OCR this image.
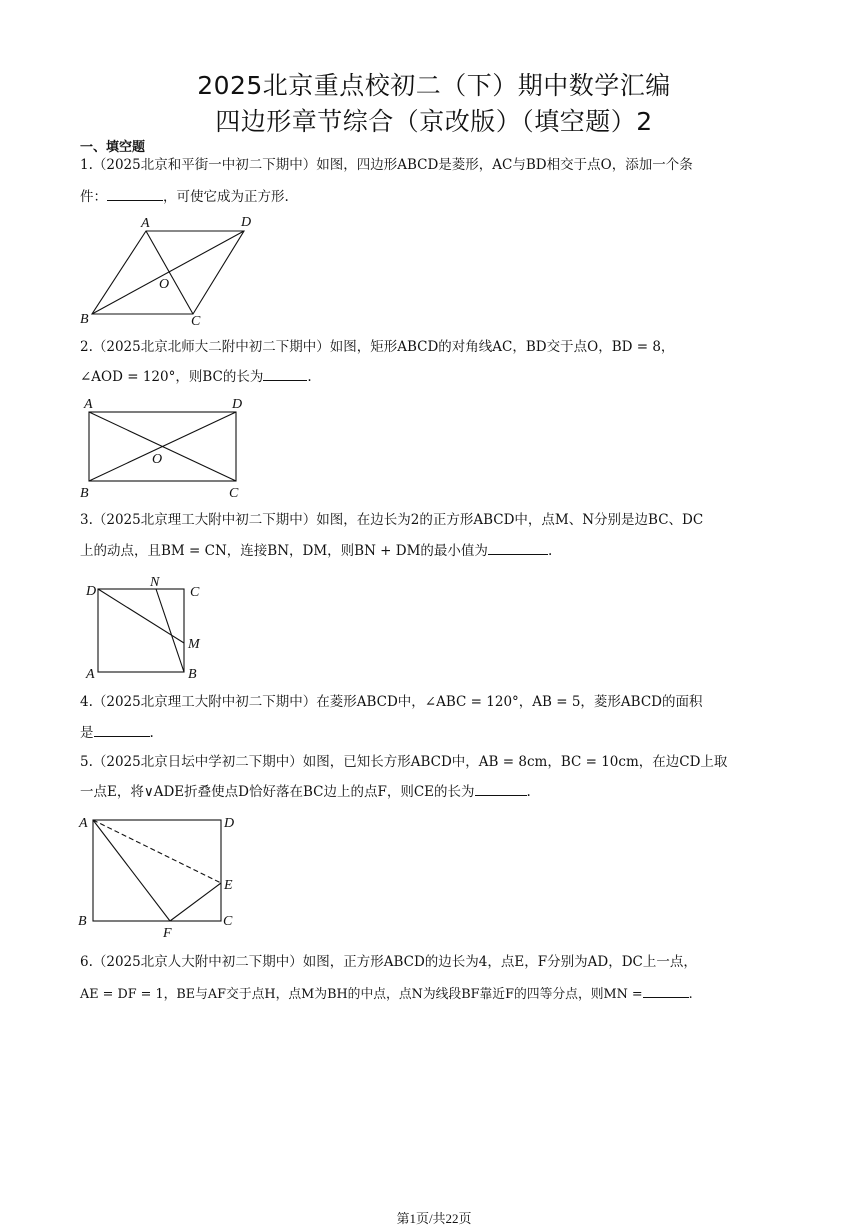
2025北京重点校初二（下）期中数学汇编
四边形章节综合（京改版）（填空题）2
一、填空题
1.（2025北京和平街一中初二下期中）如图，四边形ABCD是菱形，AC与BD相交于点O，添加一个条
件：	，可使它成为正方形.
A	D
B	C
O
2.（2025北京北师大二附中初二下期中）如图，矩形ABCD的对角线AC，BD交于点O，BD = 8，
∠AOD = 120°，则BC的长为	.
A	D
B	C
O
3.（2025北京理工大附中初二下期中）如图，在边长为2的正方形ABCD中，点M、N分别是边BC、DC
上的动点，且BM = CN，连接BN，DM，则BN + DM的最小值为	.
D
N
C
M
A	B
4.（2025北京理工大附中初二下期中）在菱形ABCD中，∠ABC = 120°，AB = 5，菱形ABCD的面积
是	.
5.（2025北京日坛中学初二下期中）如图，已知长方形ABCD中，AB = 8cm，BC = 10cm，在边CD上取
一点E，将∨ADE折叠使点D恰好落在BC边上的点F，则CE的长为	.
A	D
E
B	C
F
6.（2025北京人大附中初二下期中）如图，正方形ABCD的边长为4，点E，F分别为AD，DC上一点，
AE = DF = 1，BE与AF交于点H，点M为BH的中点，点N为线段BF靠近F的四等分点，则MN =	.
第1页/共22页
